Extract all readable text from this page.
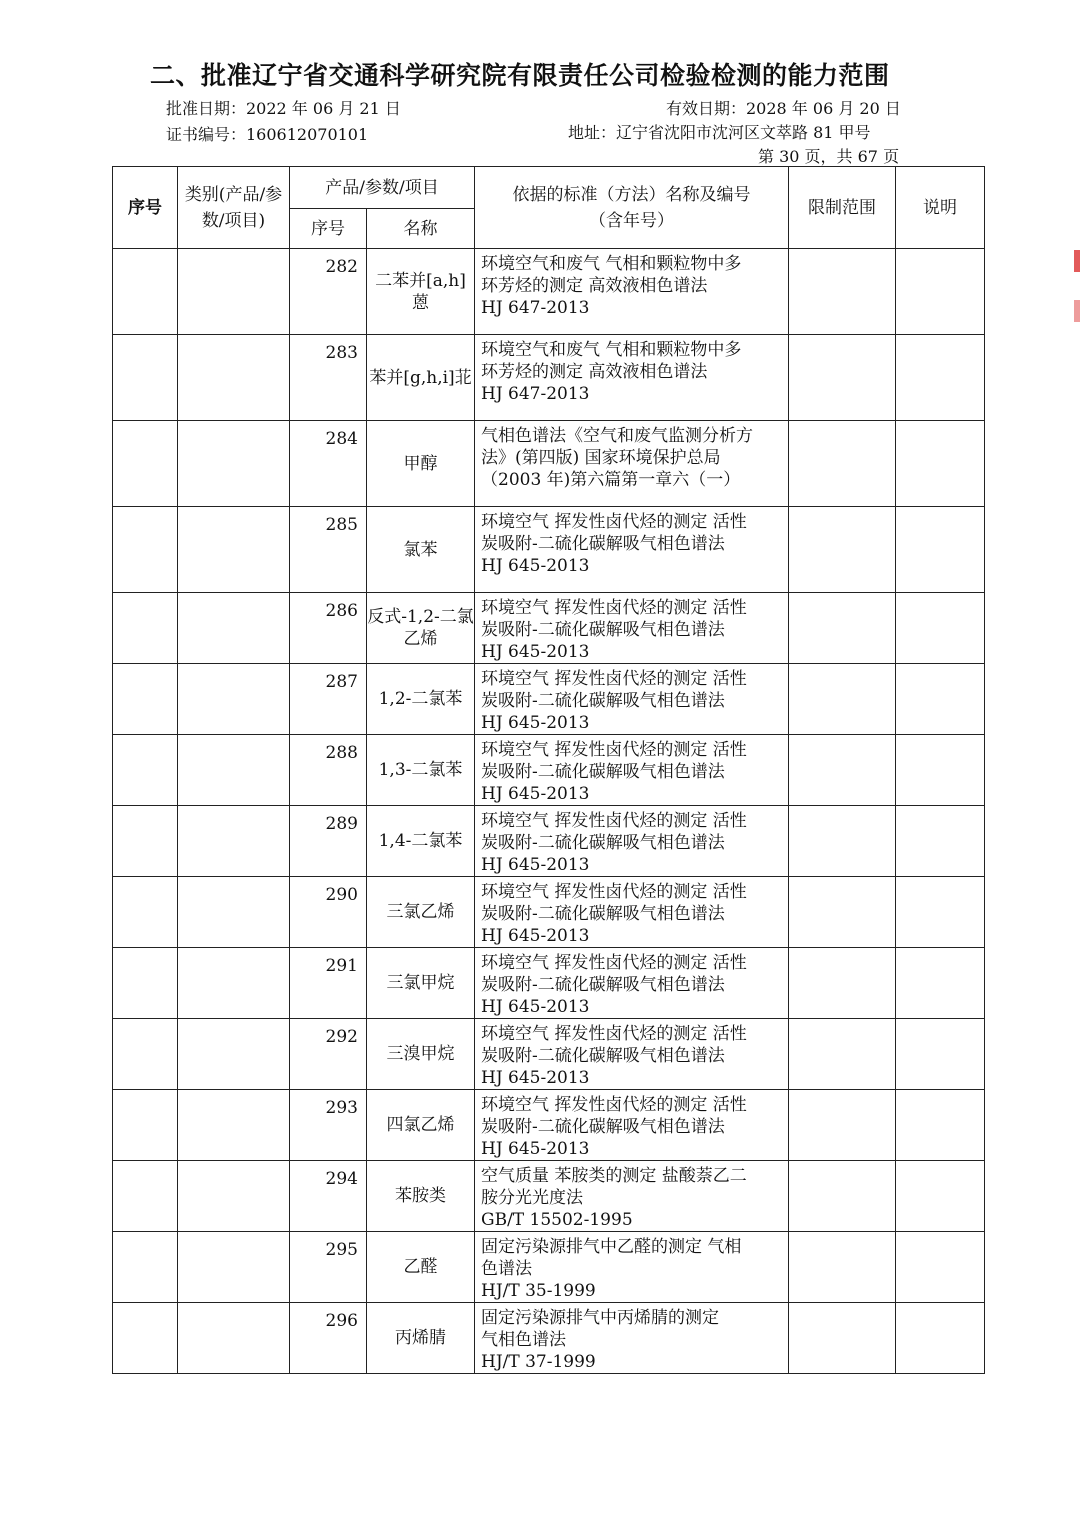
二、批准辽宁省交通科学研究院有限责任公司检验检测的能力范围
批准日期：2022 年 06 月 21 日	有效日期：2028 年 06 月 20 日
证书编号：160612070101	地址：辽宁省沈阳市沈河区文萃路 81 甲号
第 30 页，共 67 页
序号	类别(产品/参数/项目)	产品/参数/项目		依据的标准（方法）名称及编号（含年号）	限制范围	说明
		序号	名称			
		282	二苯并[a,h]蒽	环境空气和废气 气相和颗粒物中多
环芳烃的测定 高效液相色谱法
HJ 647-2013		

		283	苯并[g,h,i]苝	环境空气和废气 气相和颗粒物中多
环芳烃的测定 高效液相色谱法
HJ 647-2013		

		284	甲醇	气相色谱法《空气和废气监测分析方
法》(第四版) 国家环境保护总局
（2003 年)第六篇第一章六（一）		

		285	氯苯	环境空气 挥发性卤代烃的测定 活性
炭吸附-二硫化碳解吸气相色谱法
HJ 645-2013		

		286	反式-1,2-二氯乙烯	环境空气 挥发性卤代烃的测定 活性
炭吸附-二硫化碳解吸气相色谱法
HJ 645-2013		

		287	1,2-二氯苯	环境空气 挥发性卤代烃的测定 活性
炭吸附-二硫化碳解吸气相色谱法
HJ 645-2013		

		288	1,3-二氯苯	环境空气 挥发性卤代烃的测定 活性
炭吸附-二硫化碳解吸气相色谱法
HJ 645-2013		

		289	1,4-二氯苯	环境空气 挥发性卤代烃的测定 活性
炭吸附-二硫化碳解吸气相色谱法
HJ 645-2013		

		290	三氯乙烯	环境空气 挥发性卤代烃的测定 活性
炭吸附-二硫化碳解吸气相色谱法
HJ 645-2013		

		291	三氯甲烷	环境空气 挥发性卤代烃的测定 活性
炭吸附-二硫化碳解吸气相色谱法
HJ 645-2013		

		292	三溴甲烷	环境空气 挥发性卤代烃的测定 活性
炭吸附-二硫化碳解吸气相色谱法
HJ 645-2013		

		293	四氯乙烯	环境空气 挥发性卤代烃的测定 活性
炭吸附-二硫化碳解吸气相色谱法
HJ 645-2013		

		294	苯胺类	空气质量 苯胺类的测定 盐酸萘乙二
胺分光光度法
GB/T 15502-1995		

		295	乙醛	固定污染源排气中乙醛的测定 气相
色谱法
HJ/T 35-1999		

		296	丙烯腈	固定污染源排气中丙烯腈的测定
气相色谱法
HJ/T 37-1999		
